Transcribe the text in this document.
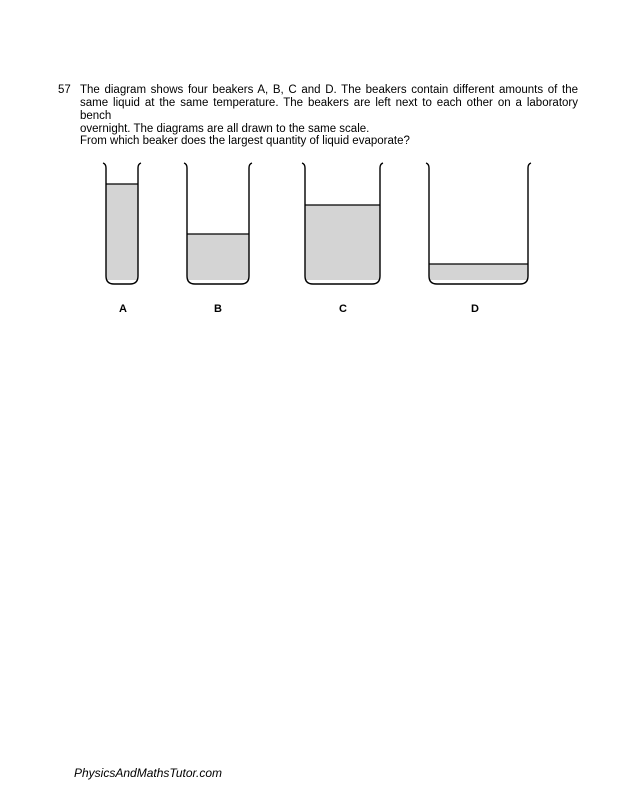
57 The diagram shows four beakers A, B, C and D. The beakers contain different amounts of the
same liquid at the same temperature. The beakers are left next to each other on a laboratory bench
overnight. The diagrams are all drawn to the same scale.
From which beaker does the largest quantity of liquid evaporate?
A	B	C	D
PhysicsAndMathsTutor.com
